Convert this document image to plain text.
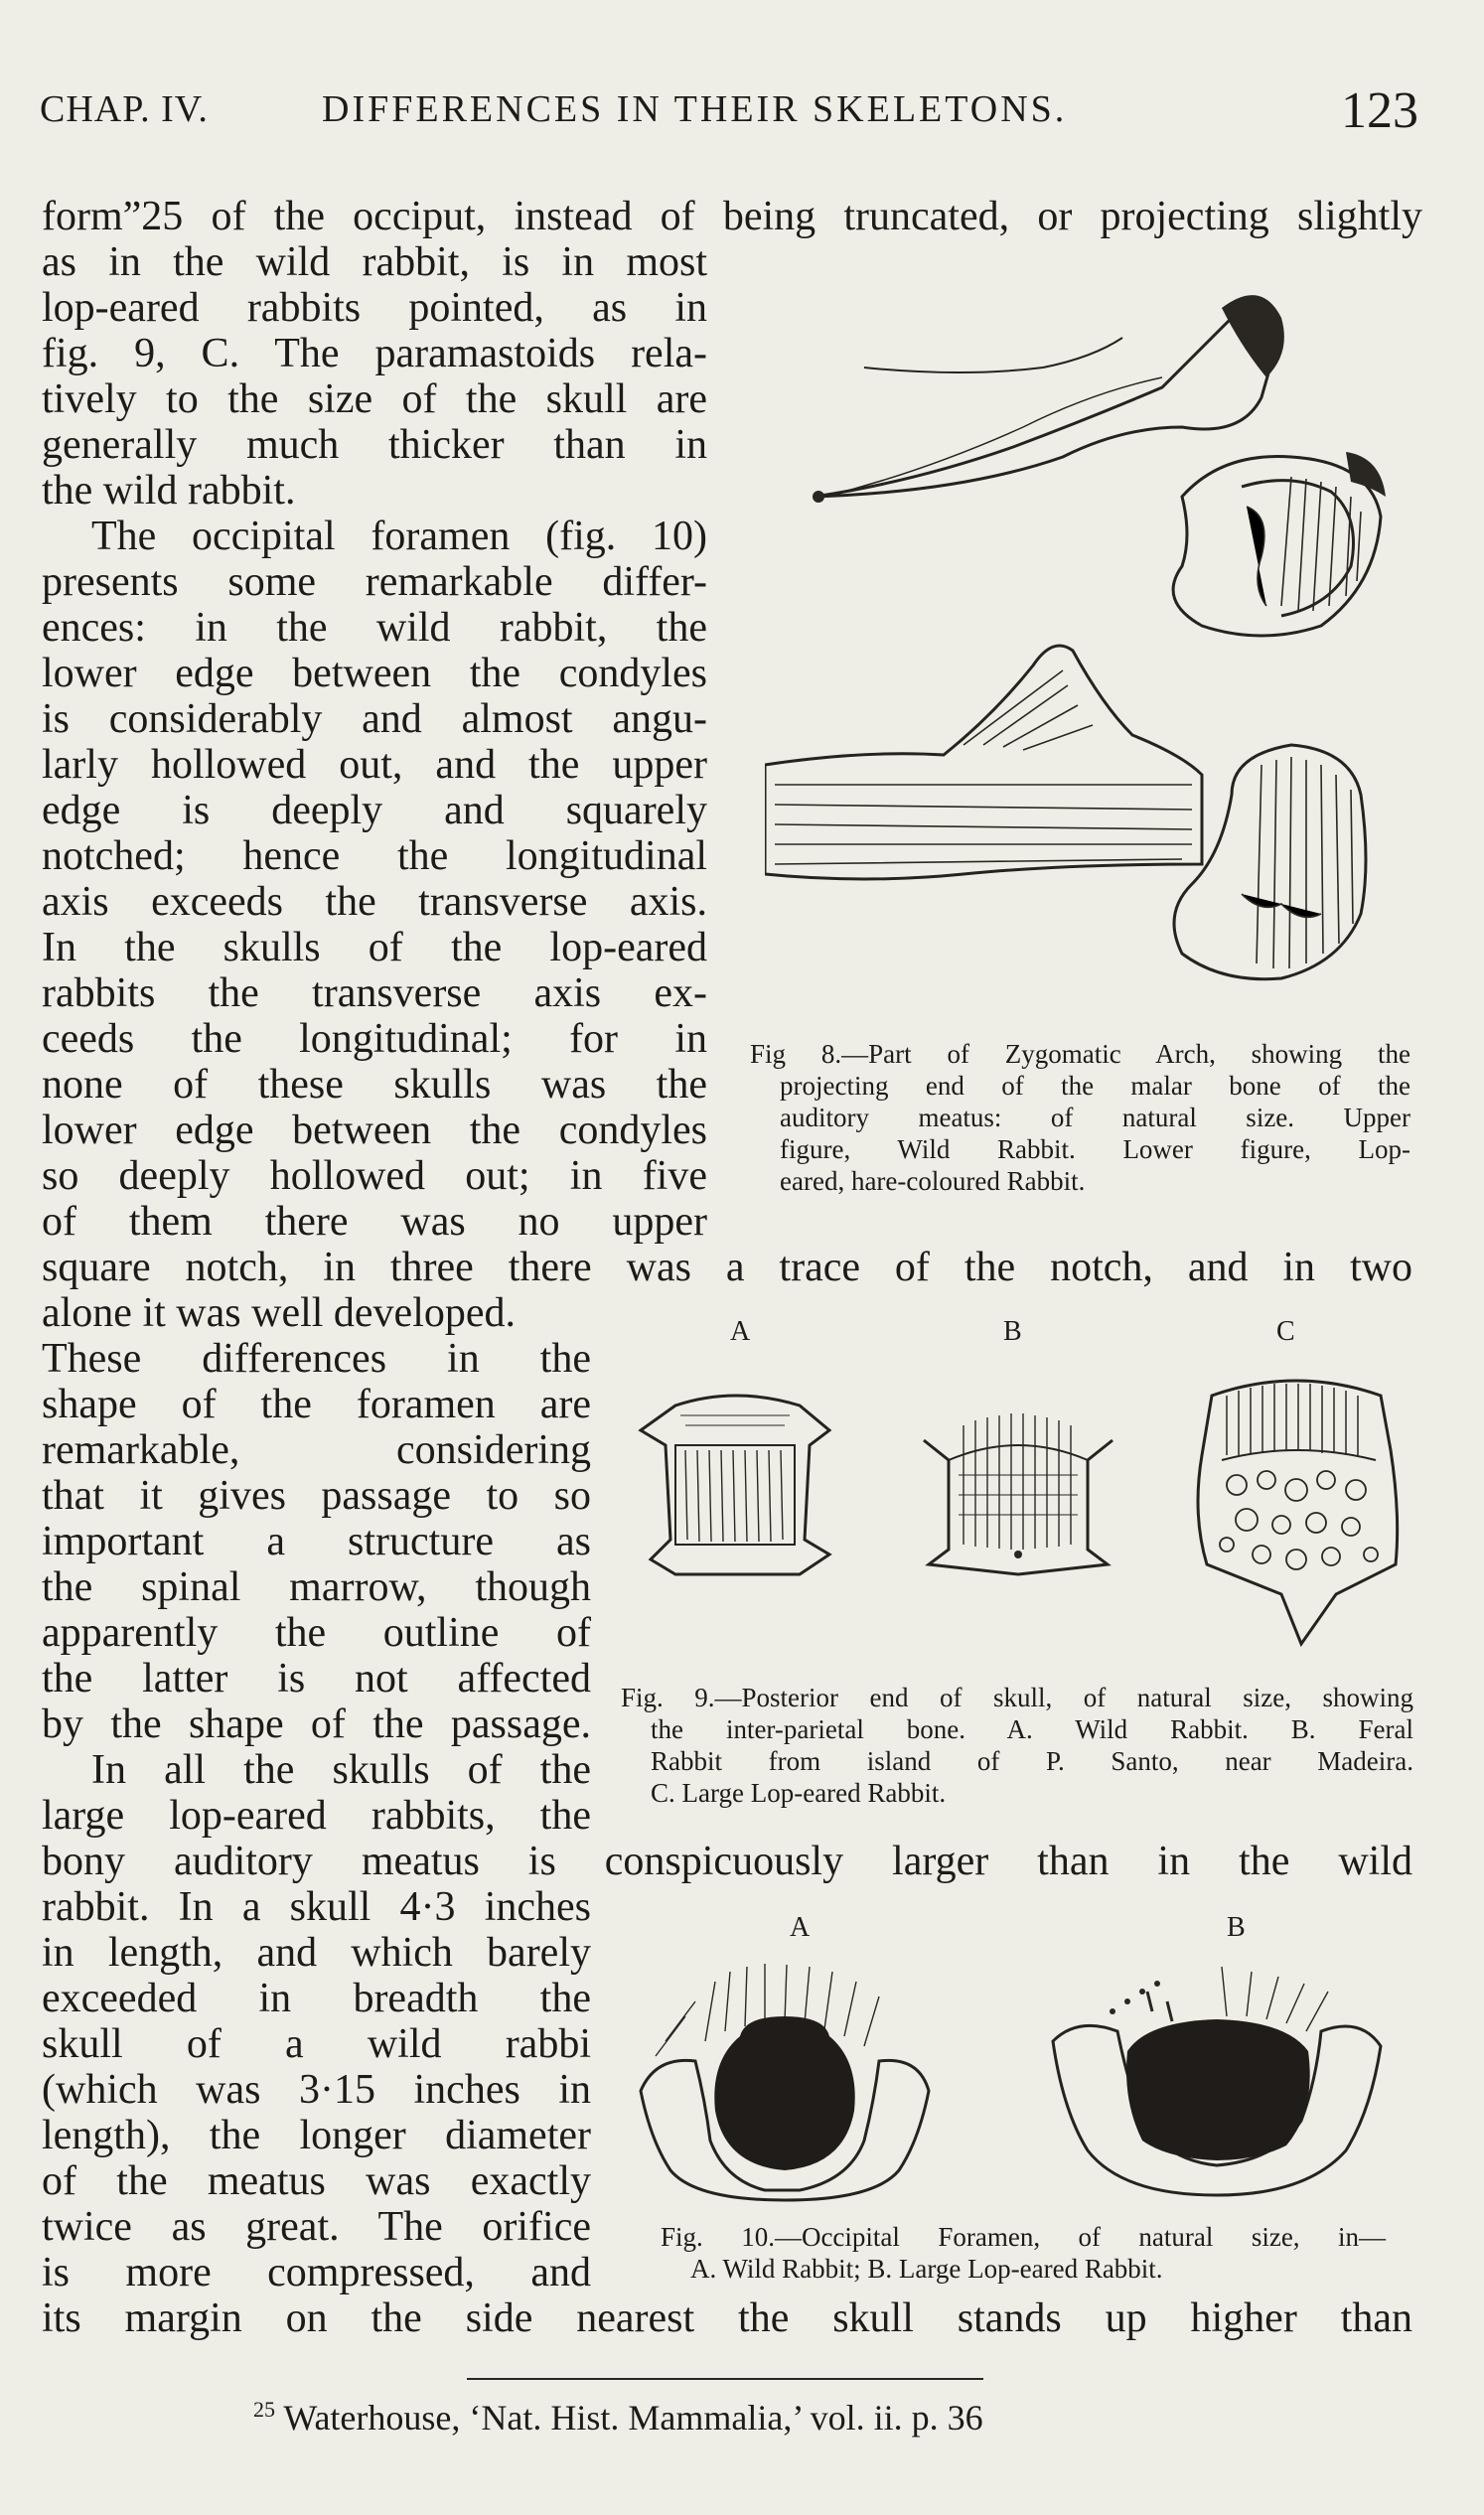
CHAP. IV.	DIFFERENCES IN THEIR SKELETONS.	123
form”25 of the occiput, instead of being truncated, or projecting slightly
as in the wild rabbit, is in most
lop-eared rabbits pointed, as in
fig. 9, C. The paramastoids rela-
tively to the size of the skull are
generally much thicker than in
the wild rabbit.
The occipital foramen (fig. 10)
presents some remarkable differ-
ences: in the wild rabbit, the
lower edge between the condyles
is considerably and almost angu-
larly hollowed out, and the upper
edge is deeply and squarely
notched; hence the longitudinal
axis exceeds the transverse axis.
In the skulls of the lop-eared
rabbits the transverse axis ex-
ceeds the longitudinal; for in
none of these skulls was the
lower edge between the condyles
so deeply hollowed out; in five
of them there was no upper
square notch, in three there was a trace of the notch, and in two
alone it was well developed.
These differences in the
shape of the foramen are
remarkable, considering
that it gives passage to so
important a structure as
the spinal marrow, though
apparently the outline of
the latter is not affected
by the shape of the passage.
In all the skulls of the
large lop-eared rabbits, the
bony auditory meatus is conspicuously larger than in the wild
rabbit. In a skull 4·3 inches
in length, and which barely
exceeded in breadth the
skull of a wild rabbi
(which was 3·15 inches in
length), the longer diameter
of the meatus was exactly
twice as great. The orifice
is more compressed, and
its margin on the side nearest the skull stands up higher than
Fig 8.—Part of Zygomatic Arch, showing the
projecting end of the malar bone of the
auditory meatus: of natural size. Upper
figure, Wild Rabbit. Lower figure, Lop-
eared, hare-coloured Rabbit.
A	B	C
Fig. 9.—Posterior end of skull, of natural size, showing
the inter-parietal bone. A. Wild Rabbit. B. Feral
Rabbit from island of P. Santo, near Madeira.
C. Large Lop-eared Rabbit.
A	B
Fig. 10.—Occipital Foramen, of natural size, in—
A. Wild Rabbit; B. Large Lop-eared Rabbit.
$^{25}$ Waterhouse, ‘Nat. Hist. Mammalia,’ vol. ii. p. 36
